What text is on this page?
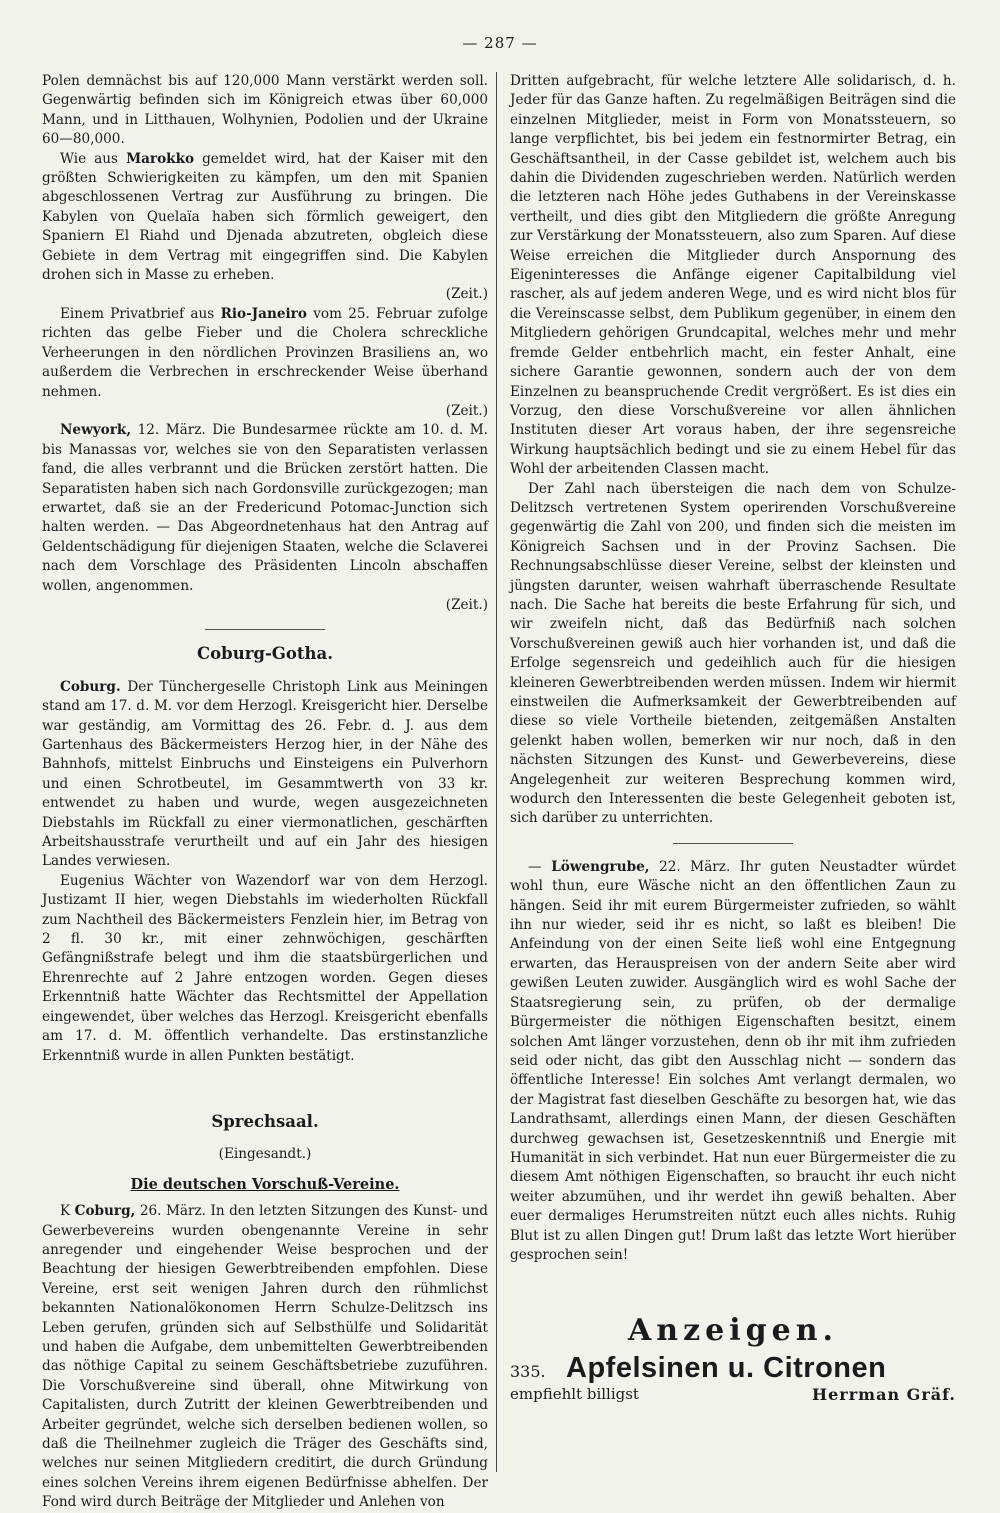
— 287 —

Polen demnächst bis auf 120,000 Mann verstärkt werden soll. Gegenwärtig befinden sich im Königreich etwas über 60,000 Mann, und in Litthauen, Wolhynien, Podolien und der Ukraine 60—80,000.

Wie aus Marokko gemeldet wird, hat der Kaiser mit den größten Schwierigkeiten zu kämpfen, um den mit Spanien abgeschlossenen Vertrag zur Ausführung zu bringen. Die Kabylen von Quelaïa haben sich förmlich geweigert, den Spaniern El Riahd und Djenada abzutreten, obgleich diese Gebiete in dem Vertrag mit eingegriffen sind. Die Kabylen drohen sich in Masse zu erheben.

(Zeit.)

Einem Privatbrief aus Rio-Janeiro vom 25. Februar zufolge richten das gelbe Fieber und die Cholera schreckliche Verheerungen in den nördlichen Provinzen Brasiliens an, wo außerdem die Verbrechen in erschreckender Weise überhand nehmen.

(Zeit.)

Newyork, 12. März. Die Bundesarmee rückte am 10. d. M. bis Manassas vor, welches sie von den Separatisten verlassen fand, die alles verbrannt und die Brücken zerstört hatten. Die Separatisten haben sich nach Gordonsville zurückgezogen; man erwartet, daß sie an der Fredericund Potomac-Junction sich halten werden. — Das Abgeordnetenhaus hat den Antrag auf Geldentschädigung für diejenigen Staaten, welche die Sclaverei nach dem Vorschlage des Präsidenten Lincoln abschaffen wollen, angenommen.

(Zeit.)
Coburg-Gotha.

Coburg. Der Tünchergeselle Christoph Link aus Meiningen stand am 17. d. M. vor dem Herzogl. Kreisgericht hier. Derselbe war geständig, am Vormittag des 26. Febr. d. J. aus dem Gartenhaus des Bäckermeisters Herzog hier, in der Nähe des Bahnhofs, mittelst Einbruchs und Einsteigens ein Pulverhorn und einen Schrotbeutel, im Gesammtwerth von 33 kr. entwendet zu haben und wurde, wegen ausgezeichneten Diebstahls im Rückfall zu einer viermonatlichen, geschärften Arbeitshausstrafe verurtheilt und auf ein Jahr des hiesigen Landes verwiesen.

Eugenius Wächter von Wazendorf war von dem Herzogl. Justizamt II hier, wegen Diebstahls im wiederholten Rückfall zum Nachtheil des Bäckermeisters Fenzlein hier, im Betrag von 2 fl. 30 kr., mit einer zehnwöchigen, geschärften Gefängnißstrafe belegt und ihm die staatsbürgerlichen und Ehrenrechte auf 2 Jahre entzogen worden. Gegen dieses Erkenntniß hatte Wächter das Rechtsmittel der Appellation eingewendet, über welches das Herzogl. Kreisgericht ebenfalls am 17. d. M. öffentlich verhandelte. Das erstinstanzliche Erkenntniß wurde in allen Punkten bestätigt.

Sprechsaal.
(Eingesandt.)
Die deutschen Vorschuß-Vereine.

K Coburg, 26. März. In den letzten Sitzungen des Kunst- und Gewerbevereins wurden obengenannte Vereine in sehr anregender und eingehender Weise besprochen und der Beachtung der hiesigen Gewerbtreibenden empfohlen. Diese Vereine, erst seit wenigen Jahren durch den rühmlichst bekannten Nationalökonomen Herrn Schulze-Delitzsch ins Leben gerufen, gründen sich auf Selbsthülfe und Solidarität und haben die Aufgabe, dem unbemittelten Gewerbtreibenden das nöthige Capital zu seinem Geschäftsbetriebe zuzuführen. Die Vorschußvereine sind überall, ohne Mitwirkung von Capitalisten, durch Zutritt der kleinen Gewerbtreibenden und Arbeiter gegründet, welche sich derselben bedienen wollen, so daß die Theilnehmer zugleich die Träger des Geschäfts sind, welches nur seinen Mitgliedern creditirt, die durch Gründung eines solchen Vereins ihrem eigenen Bedürfnisse abhelfen. Der Fond wird durch Beiträge der Mitglieder und Anlehen von

Dritten aufgebracht, für welche letztere Alle solidarisch, d. h. Jeder für das Ganze haften. Zu regelmäßigen Beiträgen sind die einzelnen Mitglieder, meist in Form von Monatssteuern, so lange verpflichtet, bis bei jedem ein festnormirter Betrag, ein Geschäftsantheil, in der Casse gebildet ist, welchem auch bis dahin die Dividenden zugeschrieben werden. Natürlich werden die letzteren nach Höhe jedes Guthabens in der Vereinskasse vertheilt, und dies gibt den Mitgliedern die größte Anregung zur Verstärkung der Monatssteuern, also zum Sparen. Auf diese Weise erreichen die Mitglieder durch Anspornung des Eigeninteresses die Anfänge eigener Capitalbildung viel rascher, als auf jedem anderen Wege, und es wird nicht blos für die Vereinscasse selbst, dem Publikum gegenüber, in einem den Mitgliedern gehörigen Grundcapital, welches mehr und mehr fremde Gelder entbehrlich macht, ein fester Anhalt, eine sichere Garantie gewonnen, sondern auch der von dem Einzelnen zu beanspruchende Credit vergrößert. Es ist dies ein Vorzug, den diese Vorschußvereine vor allen ähnlichen Instituten dieser Art voraus haben, der ihre segensreiche Wirkung hauptsächlich bedingt und sie zu einem Hebel für das Wohl der arbeitenden Classen macht.

Der Zahl nach übersteigen die nach dem von Schulze-Delitzsch vertretenen System operirenden Vorschußvereine gegenwärtig die Zahl von 200, und finden sich die meisten im Königreich Sachsen und in der Provinz Sachsen. Die Rechnungsabschlüsse dieser Vereine, selbst der kleinsten und jüngsten darunter, weisen wahrhaft überraschende Resultate nach. Die Sache hat bereits die beste Erfahrung für sich, und wir zweifeln nicht, daß das Bedürfniß nach solchen Vorschußvereinen gewiß auch hier vorhanden ist, und daß die Erfolge segensreich und gedeihlich auch für die hiesigen kleineren Gewerbtreibenden werden müssen. Indem wir hiermit einstweilen die Aufmerksamkeit der Gewerbtreibenden auf diese so viele Vortheile bietenden, zeitgemäßen Anstalten gelenkt haben wollen, bemerken wir nur noch, daß in den nächsten Sitzungen des Kunst- und Gewerbevereins, diese Angelegenheit zur weiteren Besprechung kommen wird, wodurch den Interessenten die beste Gelegenheit geboten ist, sich darüber zu unterrichten.

— Löwengrube, 22. März. Ihr guten Neustadter würdet wohl thun, eure Wäsche nicht an den öffentlichen Zaun zu hängen. Seid ihr mit eurem Bürgermeister zufrieden, so wählt ihn nur wieder, seid ihr es nicht, so laßt es bleiben! Die Anfeindung von der einen Seite ließ wohl eine Entgegnung erwarten, das Herauspreisen von der andern Seite aber wird gewißen Leuten zuwider. Ausgänglich wird es wohl Sache der Staatsregierung sein, zu prüfen, ob der dermalige Bürgermeister die nöthigen Eigenschaften besitzt, einem solchen Amt länger vorzustehen, denn ob ihr mit ihm zufrieden seid oder nicht, das gibt den Ausschlag nicht — sondern das öffentliche Interesse! Ein solches Amt verlangt dermalen, wo der Magistrat fast dieselben Geschäfte zu besorgen hat, wie das Landrathsamt, allerdings einen Mann, der diesen Geschäften durchweg gewachsen ist, Gesetzeskenntniß und Energie mit Humanität in sich verbindet. Hat nun euer Bürgermeister die zu diesem Amt nöthigen Eigenschaften, so braucht ihr euch nicht weiter abzumühen, und ihr werdet ihn gewiß behalten. Aber euer dermaliges Herumstreiten nützt euch alles nichts. Ruhig Blut ist zu allen Dingen gut! Drum laßt das letzte Wort hierüber gesprochen sein!

Anzeigen.
335. Apfelsinen u. Citronen
empfiehlt billigst	Herrman Gräf.
